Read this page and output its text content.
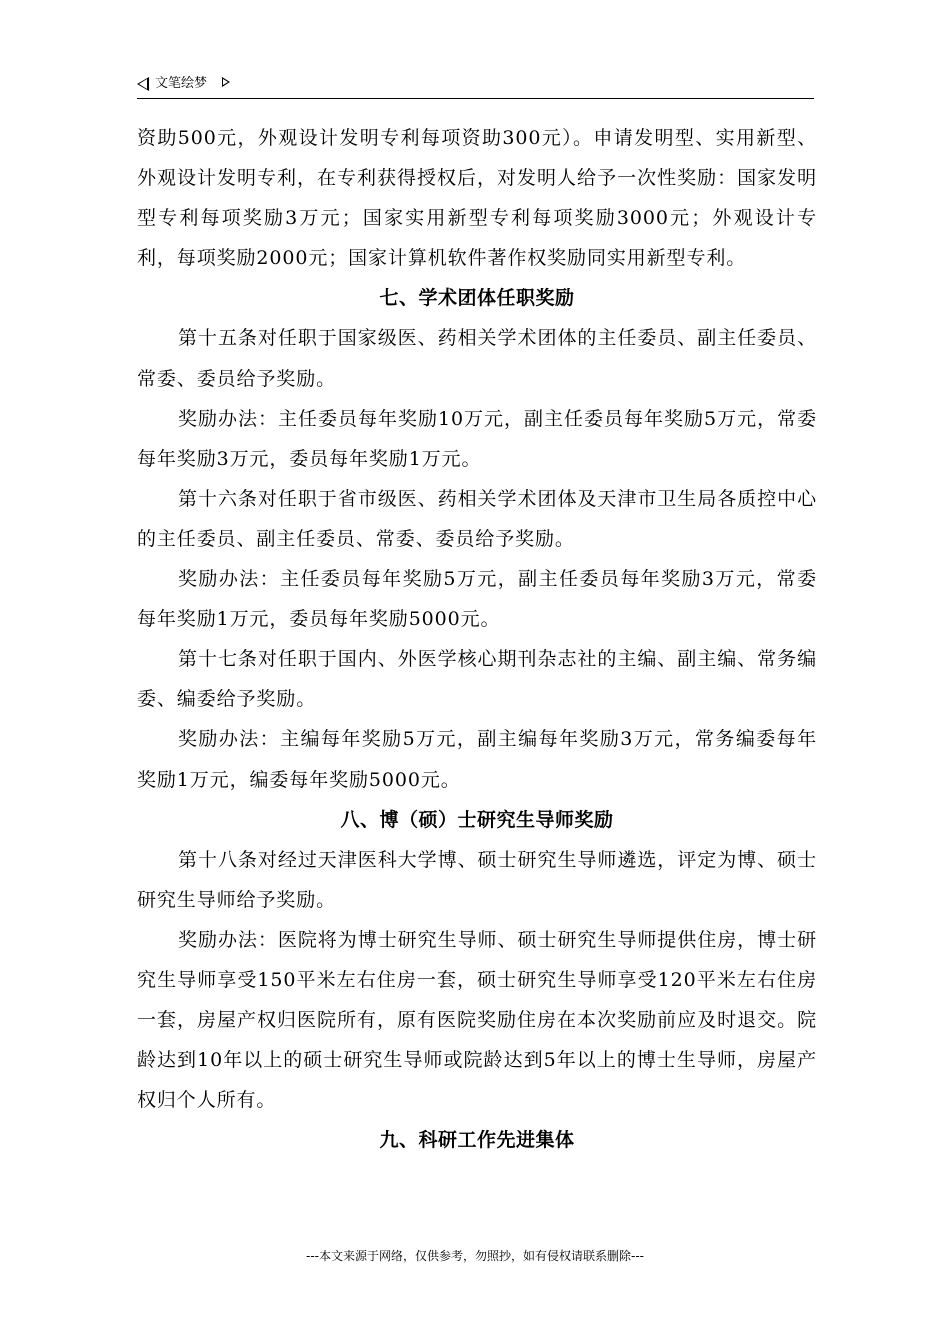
文笔绘梦

资助500元，外观设计发明专利每项资助300元）。申请发明型、实用新型、外观设计发明专利，在专利获得授权后，对发明人给予一次性奖励：国家发明型专利每项奖励3万元；国家实用新型专利每项奖励3000元；外观设计专利，每项奖励2000元；国家计算机软件著作权奖励同实用新型专利。

七、学术团体任职奖励

第十五条对任职于国家级医、药相关学术团体的主任委员、副主任委员、常委、委员给予奖励。

奖励办法：主任委员每年奖励10万元，副主任委员每年奖励5万元，常委每年奖励3万元，委员每年奖励1万元。

第十六条对任职于省市级医、药相关学术团体及天津市卫生局各质控中心的主任委员、副主任委员、常委、委员给予奖励。

奖励办法：主任委员每年奖励5万元，副主任委员每年奖励3万元，常委每年奖励1万元，委员每年奖励5000元。

第十七条对任职于国内、外医学核心期刊杂志社的主编、副主编、常务编委、编委给予奖励。

奖励办法：主编每年奖励5万元，副主编每年奖励3万元，常务编委每年奖励1万元，编委每年奖励5000元。

八、博（硕）士研究生导师奖励

第十八条对经过天津医科大学博、硕士研究生导师遴选，评定为博、硕士研究生导师给予奖励。

奖励办法：医院将为博士研究生导师、硕士研究生导师提供住房，博士研究生导师享受150平米左右住房一套，硕士研究生导师享受120平米左右住房一套，房屋产权归医院所有，原有医院奖励住房在本次奖励前应及时退交。院龄达到10年以上的硕士研究生导师或院龄达到5年以上的博士生导师，房屋产权归个人所有。

九、科研工作先进集体
---本文来源于网络，仅供参考，勿照抄，如有侵权请联系删除---
